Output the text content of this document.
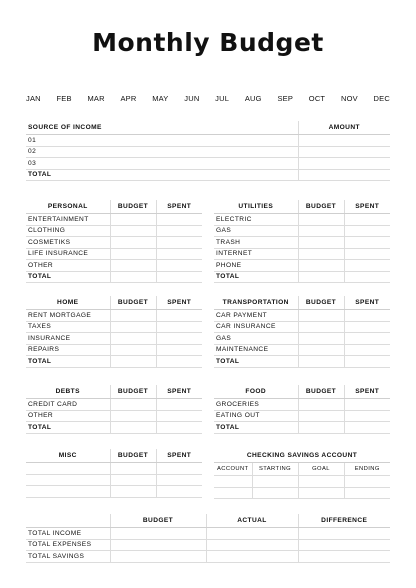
Monthly Budget
JAN FEB MAR APR MAY JUN JUL AUG SEP OCT NOV DEC
SOURCE OF INCOME	AMOUNT
01	
02	
03	
TOTAL	
PERSONAL	BUDGET	SPENT
ENTERTAINMENT		
CLOTHING		
COSMETIKS		
LIFE INSURANCE		
OTHER		
TOTAL		
UTILITIES	BUDGET	SPENT
ELECTRIC		
GAS		
TRASH		
INTERNET		
PHONE		
TOTAL		
HOME	BUDGET	SPENT
RENT MORTGAGE		
TAXES		
INSURANCE		
REPAIRS		
TOTAL		
TRANSPORTATION	BUDGET	SPENT
CAR PAYMENT		
CAR INSURANCE		
GAS		
MAINTENANCE		
TOTAL		
DEBTS	BUDGET	SPENT
CREDIT CARD		
OTHER		
TOTAL		
FOOD	BUDGET	SPENT
GROCERIES		
EATING OUT		
TOTAL		
MISC	BUDGET	SPENT

			CHECKING SAVINGS ACCOUNT			
ACCOUNT	STARTING	GOAL	ENDING

	BUDGET	ACTUAL	DIFFERENCE
TOTAL INCOME			
TOTAL EXPENSES			
TOTAL SAVINGS			
